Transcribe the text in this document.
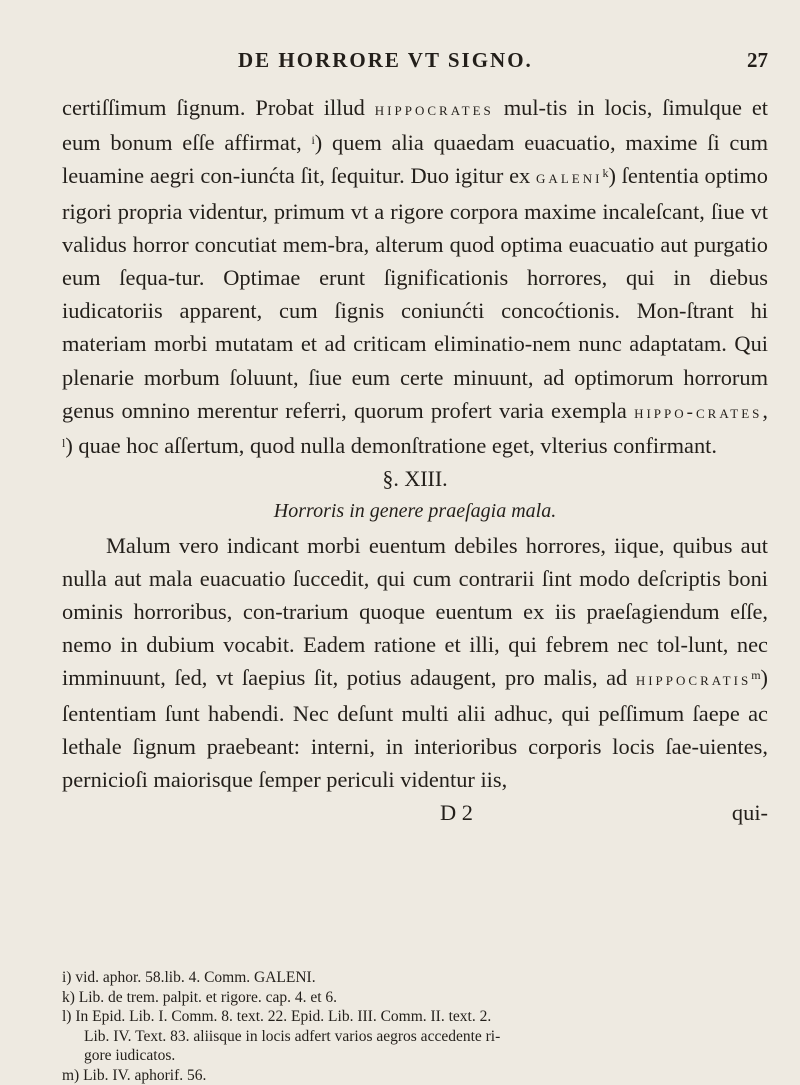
DE HORRORE VT SIGNO.	27

certiſſimum ſignum. Probat illud hippocrates mul-tis in locis, ſimulque et eum bonum eſſe affirmat, $^i$) quem alia quaedam euacuatio, maxime ſi cum leuamine aegri con-iunćta ſit, ſequitur. Duo igitur ex galeni$^k$) ſententia optimo rigori propria videntur, primum vt a rigore corpora maxime incaleſcant, ſiue vt validus horror concutiat mem-bra, alterum quod optima euacuatio aut purgatio eum ſequa-tur. Optimae erunt ſignificationis horrores, qui in diebus iudicatoriis apparent, cum ſignis coniunćti concoćtionis. Mon-ſtrant hi materiam morbi mutatam et ad criticam eliminatio-nem nunc adaptatam. Qui plenarie morbum ſoluunt, ſiue eum certe minuunt, ad optimorum horrorum genus omnino merentur referri, quorum profert varia exempla hippo-crates, $^l$) quae hoc aſſertum, quod nulla demonſtratione eget, vlterius confirmant.

§. XIII.

Horroris in genere praeſagia mala.

Malum vero indicant morbi euentum debiles horrores, iique, quibus aut nulla aut mala euacuatio ſuccedit, qui cum contrarii ſint modo deſcriptis boni ominis horroribus, con-trarium quoque euentum ex iis praeſagiendum eſſe, nemo in dubium vocabit. Eadem ratione et illi, qui febrem nec tol-lunt, nec imminuunt, ſed, vt ſaepius ſit, potius adaugent, pro malis, ad hippocratis$^m$) ſententiam ſunt habendi. Nec deſunt multi alii adhuc, qui peſſimum ſaepe ac lethale ſignum praebeant: interni, in interioribus corporis locis ſae-uientes, pernicioſi maiorisque ſemper periculi videntur iis,

D 2	qui-
i) vid. aphor. 58.lib. 4. Comm. GALENI.
k) Lib. de trem. palpit. et rigore. cap. 4. et 6.
l) In Epid. Lib. I. Comm. 8. text. 22. Epid. Lib. III. Comm. II. text. 2.
Lib. IV. Text. 83. aliisque in locis adfert varios aegros accedente ri-
gore iudicatos.
m) Lib. IV. aphorif. 56.
